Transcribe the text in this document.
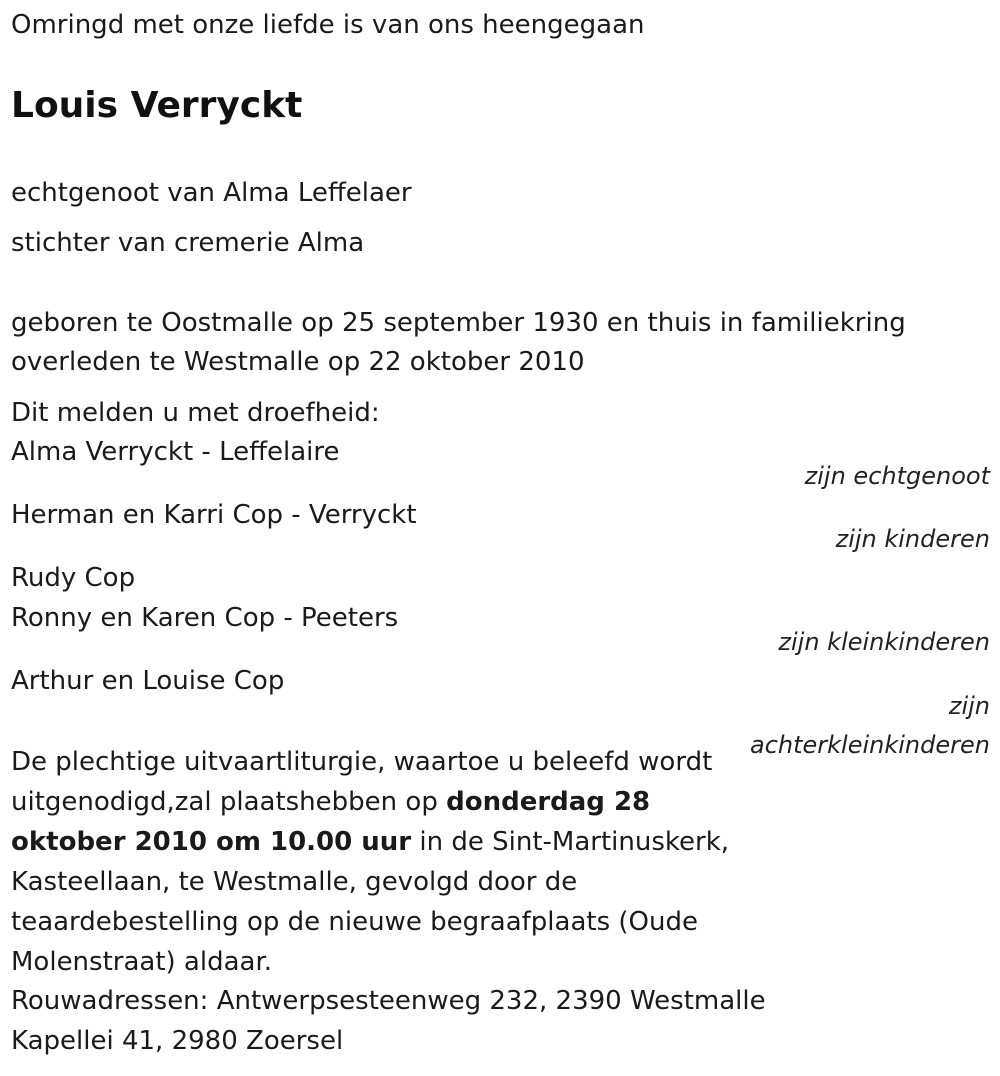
Omringd met onze liefde is van ons heengegaan
Louis Verryckt
echtgenoot van Alma Leffelaer
stichter van cremerie Alma
geboren te Oostmalle op 25 september 1930 en thuis in familiekring
overleden te Westmalle op 22 oktober 2010
Dit melden u met droefheid:
Alma Verryckt - Leffelaire
zijn echtgenoot
Herman en Karri Cop - Verryckt
zijn kinderen
Rudy Cop
Ronny en Karen Cop - Peeters
zijn kleinkinderen
Arthur en Louise Cop
zijn
achterkleinkinderen
De plechtige uitvaartliturgie, waartoe u beleefd wordt uitgenodigd,zal plaatshebben op donderdag 28 oktober 2010 om 10.00 uur in de Sint-Martinuskerk, Kasteellaan, te Westmalle, gevolgd door de teaardebestelling op de nieuwe begraafplaats (Oude Molenstraat) aldaar.
Rouwadressen: Antwerpsesteenweg 232, 2390 Westmalle
Kapellei 41, 2980 Zoersel
